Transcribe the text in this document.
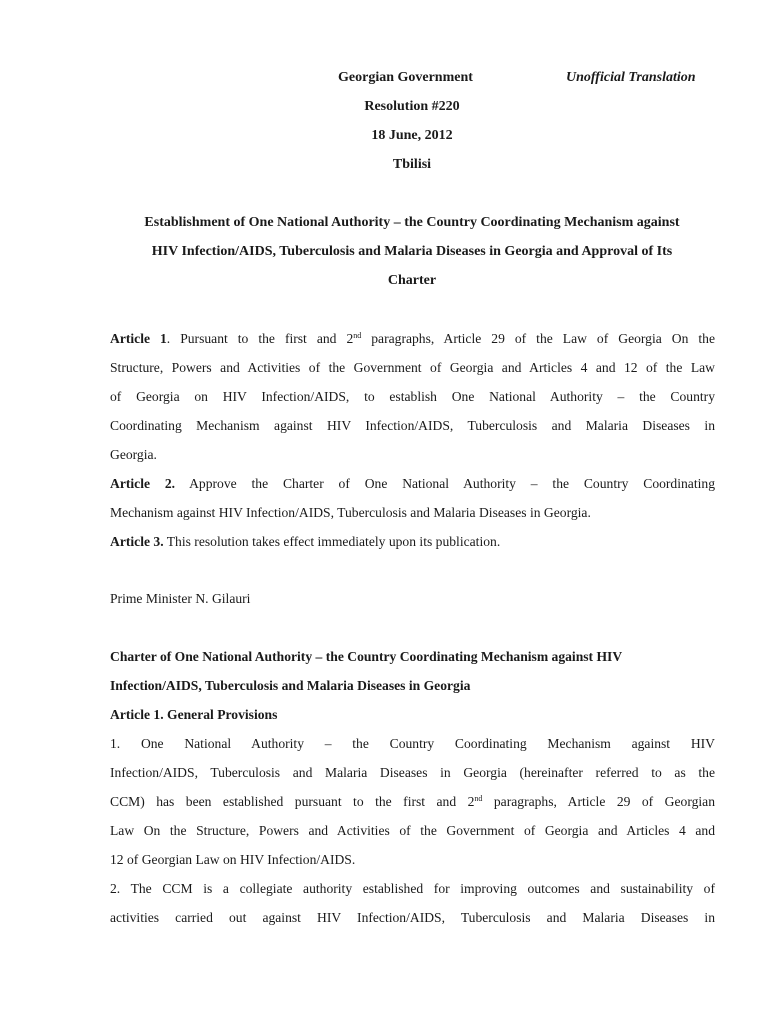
Georgian Government	Unofficial Translation
Resolution #220
18 June, 2012
Tbilisi
Establishment of One National Authority – the Country Coordinating Mechanism against
HIV Infection/AIDS, Tuberculosis and Malaria Diseases in Georgia and Approval of Its
Charter
Article 1. Pursuant to the first and 2nd paragraphs, Article 29 of the Law of Georgia On the
Structure, Powers and Activities of the Government of Georgia and Articles 4 and 12 of the Law
of Georgia on HIV Infection/AIDS, to establish One National Authority – the Country
Coordinating Mechanism against HIV Infection/AIDS, Tuberculosis and Malaria Diseases in
Georgia.
Article 2. Approve the Charter of One National Authority – the Country Coordinating
Mechanism against HIV Infection/AIDS, Tuberculosis and Malaria Diseases in Georgia.
Article 3. This resolution takes effect immediately upon its publication.
Prime Minister N. Gilauri
Charter of One National Authority – the Country Coordinating Mechanism against HIV
Infection/AIDS, Tuberculosis and Malaria Diseases in Georgia
Article 1. General Provisions
1. One National Authority – the Country Coordinating Mechanism against HIV
Infection/AIDS, Tuberculosis and Malaria Diseases in Georgia (hereinafter referred to as the
CCM) has been established pursuant to the first and 2nd paragraphs, Article 29 of Georgian
Law On the Structure, Powers and Activities of the Government of Georgia and Articles 4 and
12 of Georgian Law on HIV Infection/AIDS.
2. The CCM is a collegiate authority established for improving outcomes and sustainability of
activities carried out against HIV Infection/AIDS, Tuberculosis and Malaria Diseases in
